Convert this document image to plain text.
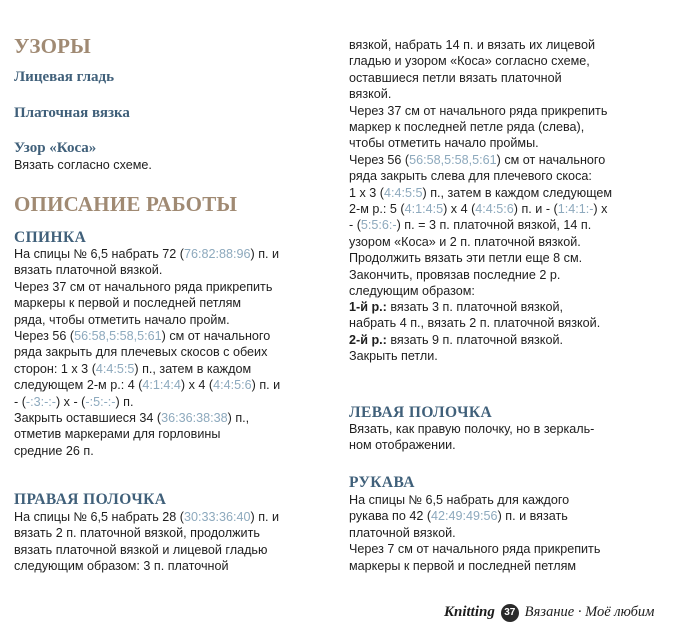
УЗОРЫ
Лицевая гладь
Платочная вязка
Узор «Коса»
Вязать согласно схеме.
ОПИСАНИЕ РАБОТЫ
СПИНКА
На спицы № 6,5 набрать 72 (76:82:88:96) п. и
вязать платочной вязкой.
Через 37 см от начального ряда прикрепить
маркеры к первой и последней петлям
ряда, чтобы отметить начало пройм.
Через 56 (56:58,5:58,5:61) см от начального
ряда закрыть для плечевых скосов с обеих
сторон: 1 х 3 (4:4:5:5) п., затем в каждом
следующем 2-м р.: 4 (4:1:4:4) х 4 (4:4:5:6) п. и
- (-:3:-:-) х - (-:5:-:-) п.
Закрыть оставшиеся 34 (36:36:38:38) п.,
отметив маркерами для горловины
средние 26 п.
ПРАВАЯ ПОЛОЧКА
На спицы № 6,5 набрать 28 (30:33:36:40) п. и
вязать 2 п. платочной вязкой, продолжить
вязать платочной вязкой и лицевой гладью
следующим образом: 3 п. платочной
вязкой, набрать 14 п. и вязать их лицевой
гладью и узором «Коса» согласно схеме,
оставшиеся петли вязать платочной
вязкой.
Через 37 см от начального ряда прикрепить
маркер к последней петле ряда (слева),
чтобы отметить начало проймы.
Через 56 (56:58,5:58,5:61) см от начального
ряда закрыть слева для плечевого скоса:
1 х 3 (4:4:5:5) п., затем в каждом следующем
2-м р.: 5 (4:1:4:5) х 4 (4:4:5:6) п. и - (1:4:1:-) х
- (5:5:6:-) п. = 3 п. платочной вязкой, 14 п.
узором «Коса» и 2 п. платочной вязкой.
Продолжить вязать эти петли еще 8 см.
Закончить, провязав последние 2 р.
следующим образом:
1-й р.: вязать 3 п. платочной вязкой,
набрать 4 п., вязать 2 п. платочной вязкой.
2-й р.: вязать 9 п. платочной вязкой.
Закрыть петли.
ЛЕВАЯ ПОЛОЧКА
Вязать, как правую полочку, но в зеркаль-
ном отображении.
РУКАВА
На спицы № 6,5 набрать для каждого
рукава по 42 (42:49:49:56) п. и вязать
платочной вязкой.
Через 7 см от начального ряда прикрепить
маркеры к первой и последней петлям
Knitting 37 Вязание · Моё любим
